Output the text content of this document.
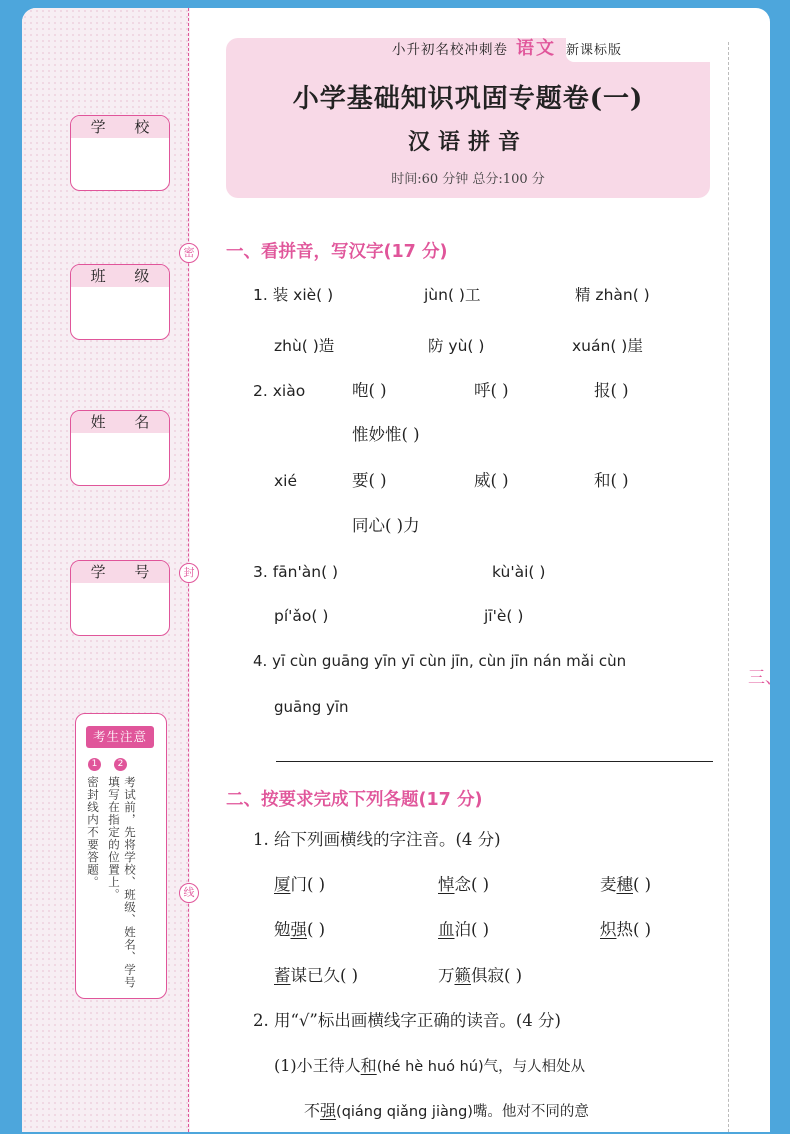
密
封
线
学 校
班 级
姓 名
学 号
考生注意
1	2
密封线内不要答题。	考试前，先将学校、班级、姓名、学号填写在指定的位置上。
小升初名校冲刺卷 语文 新课标版
小学基础知识巩固专题卷(一)
汉语拼音
时间:60 分钟 总分:100 分
一、看拼音，写汉字(17 分)
1. 装 xiè( )	jùn( )工	精 zhàn( )
zhù( )造	防 yù( )	xuán( )崖
2. xiào	咆( )	呼( )	报( )
惟妙惟( )
xié	要( )	威( )	和( )
同心( )力
3. fān'àn( )	kù'ài( )
pí'ǎo( )	jī'è( )
4. yī cùn guāng yīn yī cùn jīn, cùn jīn nán mǎi cùn
guāng yīn
二、按要求完成下列各题(17 分)
1. 给下列画横线的字注音。(4 分)
厦门( )	悼念( )	麦穗( )
勉强( )	血泊( )	炽热( )
蓄谋已久( )	万籁俱寂( )
2. 用“√”标出画横线字正确的读音。(4 分)
(1)小王待人和(hé hè huó hú)气，与人相处从
不强(qiáng qiǎng jiàng)嘴。他对不同的意
三、
